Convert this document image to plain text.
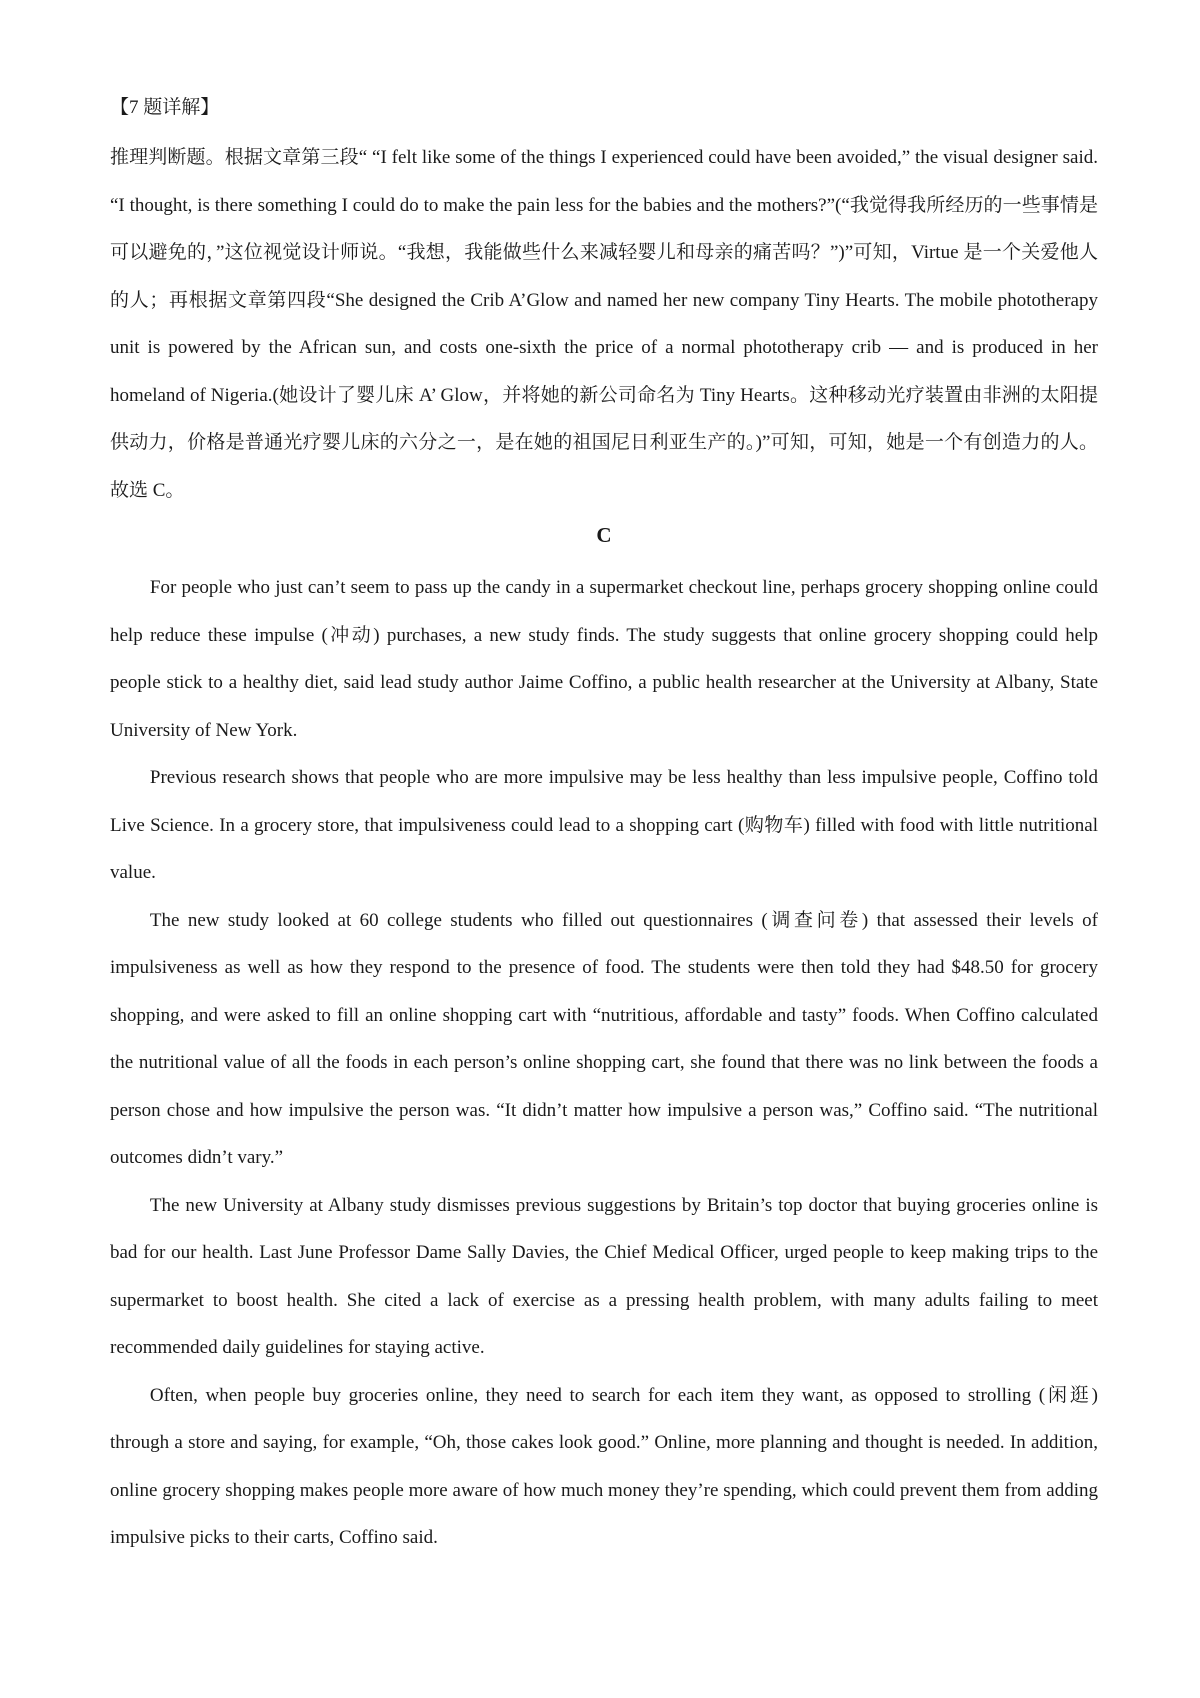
【7 题详解】

推理判断题。根据文章第三段“ “I felt like some of the things I experienced could have been avoided,” the visual designer said. “I thought, is there something I could do to make the pain less for the babies and the mothers?”(“我觉得我所经历的一些事情是可以避免的，”这位视觉设计师说。“我想，我能做些什么来减轻婴儿和母亲的痛苦吗？”)”可知，Virtue 是一个关爱他人的人；再根据文章第四段“She designed the Crib A’Glow and named her new company Tiny Hearts. The mobile phototherapy unit is powered by the African sun, and costs one-sixth the price of a normal phototherapy crib — and is produced in her homeland of Nigeria.(她设计了婴儿床 A’ Glow，并将她的新公司命名为 Tiny Hearts。这种移动光疗装置由非洲的太阳提供动力，价格是普通光疗婴儿床的六分之一，是在她的祖国尼日利亚生产的。)”可知，可知，她是一个有创造力的人。故选 C。

C

For people who just can’t seem to pass up the candy in a supermarket checkout line, perhaps grocery shopping online could help reduce these impulse (冲动) purchases, a new study finds. The study suggests that online grocery shopping could help people stick to a healthy diet, said lead study author Jaime Coffino, a public health researcher at the University at Albany, State University of New York.

Previous research shows that people who are more impulsive may be less healthy than less impulsive people, Coffino told Live Science. In a grocery store, that impulsiveness could lead to a shopping cart (购物车) filled with food with little nutritional value.

The new study looked at 60 college students who filled out questionnaires (调查问卷) that assessed their levels of impulsiveness as well as how they respond to the presence of food. The students were then told they had $48.50 for grocery shopping, and were asked to fill an online shopping cart with “nutritious, affordable and tasty” foods. When Coffino calculated the nutritional value of all the foods in each person’s online shopping cart, she found that there was no link between the foods a person chose and how impulsive the person was. “It didn’t matter how impulsive a person was,” Coffino said. “The nutritional outcomes didn’t vary.”

The new University at Albany study dismisses previous suggestions by Britain’s top doctor that buying groceries online is bad for our health. Last June Professor Dame Sally Davies, the Chief Medical Officer, urged people to keep making trips to the supermarket to boost health. She cited a lack of exercise as a pressing health problem, with many adults failing to meet recommended daily guidelines for staying active.

Often, when people buy groceries online, they need to search for each item they want, as opposed to strolling (闲逛) through a store and saying, for example, “Oh, those cakes look good.” Online, more planning and thought is needed. In addition, online grocery shopping makes people more aware of how much money they’re spending, which could prevent them from adding impulsive picks to their carts, Coffino said.
